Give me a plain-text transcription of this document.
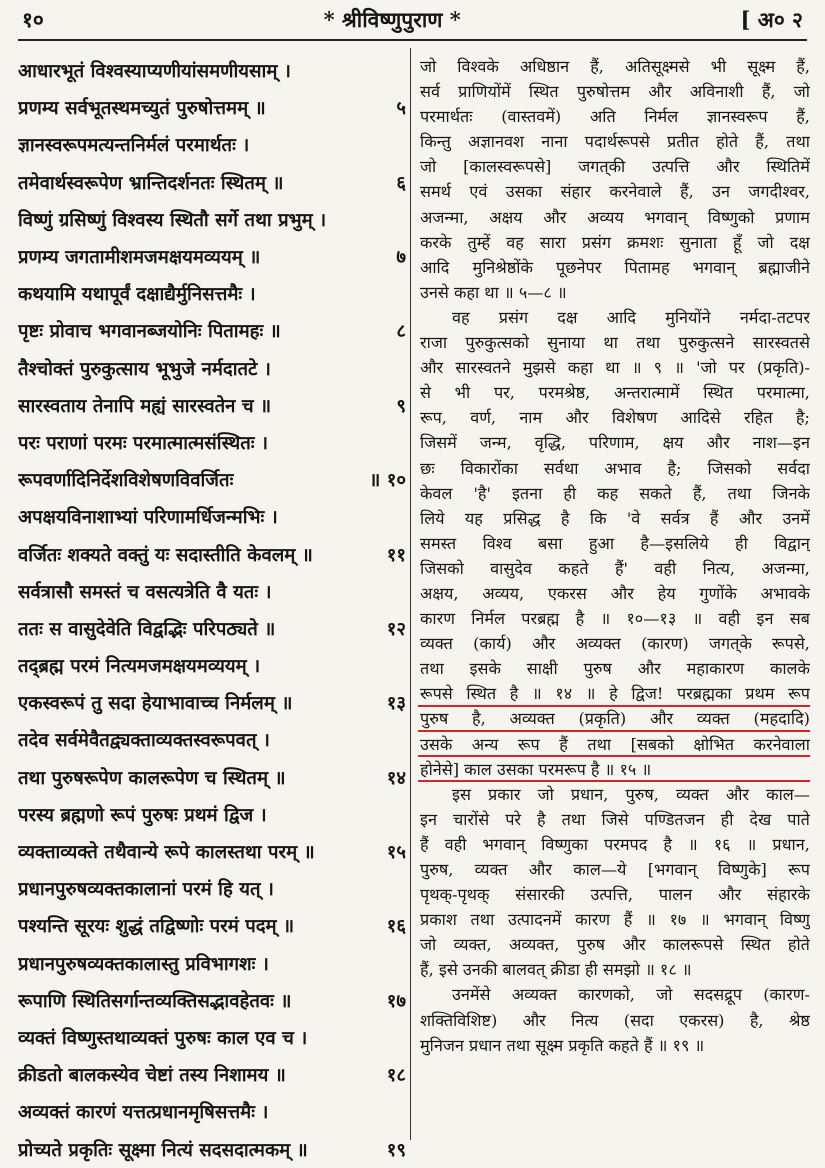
१०	* श्रीविष्णुपुराण *	[ अ० २
आधारभूतं विश्वस्याप्यणीयांसमणीयसाम् ।
प्रणम्य सर्वभूतस्थमच्युतं पुरुषोत्तमम् ॥	५
ज्ञानस्वरूपमत्यन्तनिर्मलं परमार्थतः ।
तमेवार्थस्वरूपेण भ्रान्तिदर्शनतः स्थितम् ॥	६
विष्णुं ग्रसिष्णुं विश्वस्य स्थितौ सर्गे तथा प्रभुम् ।
प्रणम्य जगतामीशमजमक्षयमव्ययम् ॥	७
कथयामि यथापूर्वं दक्षाद्यैर्मुनिसत्तमैः ।
पृष्टः प्रोवाच भगवानब्जयोनिः पितामहः ॥	८
तैश्चोक्तं पुरुकुत्साय भूभुजे नर्मदातटे ।
सारस्वताय तेनापि मह्यं सारस्वतेन च ॥	९
परः पराणां परमः परमात्मात्मसंस्थितः ।
रूपवर्णादिनिर्देशविशेषणविवर्जितः	॥ १०
अपक्षयविनाशाभ्यां परिणामर्धिजन्मभिः ।
वर्जितः शक्यते वक्तुं यः सदास्तीति केवलम् ॥	११
सर्वत्रासौ समस्तं च वसत्यत्रेति वै यतः ।
ततः स वासुदेवेति विद्वद्भिः परिपठ्यते ॥	१२
तद्ब्रह्म परमं नित्यमजमक्षयमव्ययम् ।
एकस्वरूपं तु सदा हेयाभावाच्च निर्मलम् ॥	१३
तदेव सर्वमेवैतद्व्यक्ताव्यक्तस्वरूपवत् ।
तथा पुरुषरूपेण कालरूपेण च स्थितम् ॥	१४
परस्य ब्रह्मणो रूपं पुरुषः प्रथमं द्विज ।
व्यक्ताव्यक्ते तथैवान्ये रूपे कालस्तथा परम् ॥	१५
प्रधानपुरुषव्यक्तकालानां परमं हि यत् ।
पश्यन्ति सूरयः शुद्धं तद्विष्णोः परमं पदम् ॥	१६
प्रधानपुरुषव्यक्तकालास्तु प्रविभागशः ।
रूपाणि स्थितिसर्गान्तव्यक्तिसद्भावहेतवः ॥	१७
व्यक्तं विष्णुस्तथाव्यक्तं पुरुषः काल एव च ।
क्रीडतो बालकस्येव चेष्टां तस्य निशामय ॥	१८
अव्यक्तं कारणं यत्तत्प्रधानमृषिसत्तमैः ।
प्रोच्यते प्रकृतिः सूक्ष्मा नित्यं सदसदात्मकम् ॥	१९
जो विश्वके अधिष्ठान हैं, अतिसूक्ष्मसे भी सूक्ष्म हैं,
सर्व प्राणियोंमें स्थित पुरुषोत्तम और अविनाशी हैं, जो
परमार्थतः (वास्तवमें) अति निर्मल ज्ञानस्वरूप हैं,
किन्तु अज्ञानवश नाना पदार्थरूपसे प्रतीत होते हैं, तथा
जो [कालस्वरूपसे] जगत्‌की उत्पत्ति और स्थितिमें
समर्थ एवं उसका संहार करनेवाले हैं, उन जगदीश्वर,
अजन्मा, अक्षय और अव्यय भगवान् विष्णुको प्रणाम
करके तुम्हें वह सारा प्रसंग क्रमशः सुनाता हूँ जो दक्ष
आदि मुनिश्रेष्ठोंके पूछनेपर पितामह भगवान् ब्रह्माजीने
उनसे कहा था ॥ ५—८ ॥
वह प्रसंग दक्ष आदि मुनियोंने नर्मदा-तटपर
राजा पुरुकुत्सको सुनाया था तथा पुरुकुत्सने सारस्वतसे
और सारस्वतने मुझसे कहा था ॥ ९ ॥ 'जो पर (प्रकृति)-
से भी पर, परमश्रेष्ठ, अन्तरात्मामें स्थित परमात्मा,
रूप, वर्ण, नाम और विशेषण आदिसे रहित है;
जिसमें जन्म, वृद्धि, परिणाम, क्षय और नाश—इन
छः विकारोंका सर्वथा अभाव है; जिसको सर्वदा
केवल 'है' इतना ही कह सकते हैं, तथा जिनके
लिये यह प्रसिद्ध है कि 'वे सर्वत्र हैं और उनमें
समस्त विश्व बसा हुआ है—इसलिये ही विद्वान्
जिसको वासुदेव कहते हैं' वही नित्य, अजन्मा,
अक्षय, अव्यय, एकरस और हेय गुणोंके अभावके
कारण निर्मल परब्रह्म है ॥ १०—१३ ॥ वही इन सब
व्यक्त (कार्य) और अव्यक्त (कारण) जगत्‌के रूपसे,
तथा इसके साक्षी पुरुष और महाकारण कालके
रूपसे स्थित है ॥ १४ ॥ हे द्विज! परब्रह्मका प्रथम रूप
पुरुष है, अव्यक्त (प्रकृति) और व्यक्त (महदादि)
उसके अन्य रूप हैं तथा [सबको क्षोभित करनेवाला
होनेसे] काल उसका परमरूप है ॥ १५ ॥
इस प्रकार जो प्रधान, पुरुष, व्यक्त और काल—
इन चारोंसे परे है तथा जिसे पण्डितजन ही देख पाते
हैं वही भगवान् विष्णुका परमपद है ॥ १६ ॥ प्रधान,
पुरुष, व्यक्त और काल—ये [भगवान् विष्णुके] रूप
पृथक्-पृथक् संसारकी उत्पत्ति, पालन और संहारके
प्रकाश तथा उत्पादनमें कारण हैं ॥ १७ ॥ भगवान् विष्णु
जो व्यक्त, अव्यक्त, पुरुष और कालरूपसे स्थित होते
हैं, इसे उनकी बालवत् क्रीडा ही समझो ॥ १८ ॥
उनमेंसे अव्यक्त कारणको, जो सदसद्रूप (कारण-
शक्तिविशिष्ट) और नित्य (सदा एकरस) है, श्रेष्ठ
मुनिजन प्रधान तथा सूक्ष्म प्रकृति कहते हैं ॥ १९ ॥
